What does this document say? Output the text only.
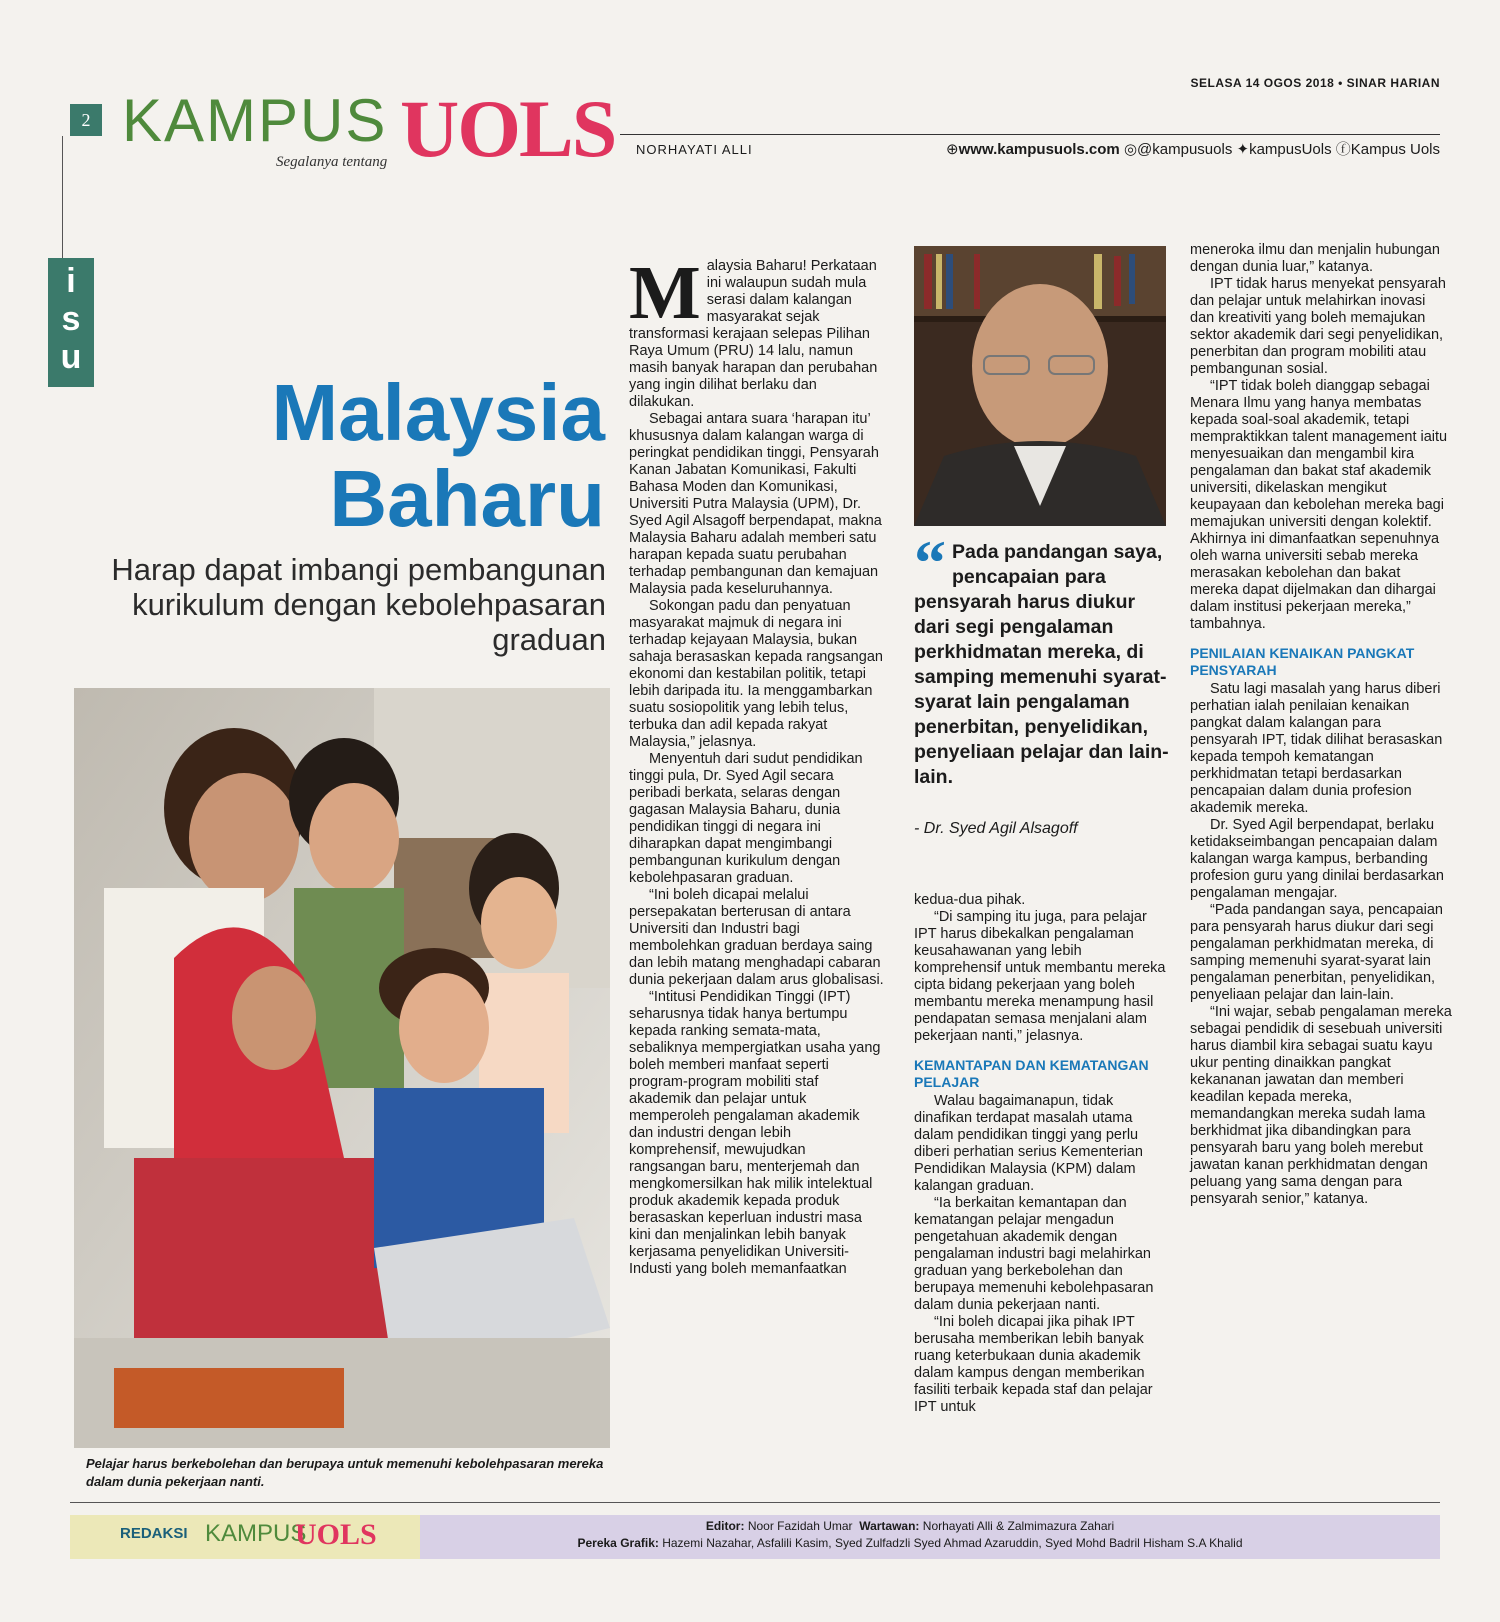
2 KAMPUS UOLS
Segalanya tentang
SELASA 14 OGOS 2018 • SINAR HARIAN
NORHAYATI ALLI	⊕www.kampusuols.com ◎@kampusuols ✦kampusUols ⓕKampus Uols
isu
Malaysia
Baharu
Harap dapat imbangi pembangunan kurikulum dengan kebolehpasaran graduan
Pelajar harus berkebolehan dan berupaya untuk memenuhi kebolehpasaran mereka dalam dunia pekerjaan nanti.
M alaysia Baharu! Perkataan ini walaupun sudah mula serasi dalam kalangan masyarakat sejak transformasi kerajaan selepas Pilihan Raya Umum (PRU) 14 lalu, namun masih banyak harapan dan perubahan yang ingin dilihat berlaku dan dilakukan.

Sebagai antara suara ‘harapan itu’ khususnya dalam kalangan warga di peringkat pendidikan tinggi, Pensyarah Kanan Jabatan Komunikasi, Fakulti Bahasa Moden dan Komunikasi, Universiti Putra Malaysia (UPM), Dr. Syed Agil Alsagoff berpendapat, makna Malaysia Baharu adalah memberi satu harapan kepada suatu perubahan terhadap pembangunan dan kemajuan Malaysia pada keseluruhannya.

Sokongan padu dan penyatuan masyarakat majmuk di negara ini terhadap kejayaan Malaysia, bukan sahaja berasaskan kepada rangsangan ekonomi dan kestabilan politik, tetapi lebih daripada itu. Ia menggambarkan suatu sosiopolitik yang lebih telus, terbuka dan adil kepada rakyat Malaysia,” jelasnya.

Menyentuh dari sudut pendidikan tinggi pula, Dr. Syed Agil secara peribadi berkata, selaras dengan gagasan Malaysia Baharu, dunia pendidikan tinggi di negara ini diharapkan dapat mengimbangi pembangunan kurikulum dengan kebolehpasaran graduan.

“Ini boleh dicapai melalui persepakatan berterusan di antara Universiti dan Industri bagi membolehkan graduan berdaya saing dan lebih matang menghadapi cabaran dunia pekerjaan dalam arus globalisasi.

“Intitusi Pendidikan Tinggi (IPT) seharusnya tidak hanya bertumpu kepada ranking semata-mata, sebaliknya mempergiatkan usaha yang boleh memberi manfaat seperti program-program mobiliti staf akademik dan pelajar untuk memperoleh pengalaman akademik dan industri dengan lebih komprehensif, mewujudkan rangsangan baru, menterjemah dan mengkomersilkan hak milik intelektual produk akademik kepada produk berasaskan keperluan industri masa kini dan menjalinkan lebih banyak kerjasama penyelidikan Universiti-Industi yang boleh memanfaatkan

“ Pada pandangan saya, pencapaian para pensyarah harus diukur dari segi pengalaman perkhidmatan mereka, di samping memenuhi syarat-syarat lain pengalaman penerbitan, penyelidikan, penyeliaan pelajar dan lain-lain.
- Dr. Syed Agil Alsagoff

kedua-dua pihak.

“Di samping itu juga, para pelajar IPT harus dibekalkan pengalaman keusahawanan yang lebih komprehensif untuk membantu mereka cipta bidang pekerjaan yang boleh membantu mereka menampung hasil pendapatan semasa menjalani alam pekerjaan nanti,” jelasnya.

KEMANTAPAN DAN KEMATANGAN PELAJAR

Walau bagaimanapun, tidak dinafikan terdapat masalah utama dalam pendidikan tinggi yang perlu diberi perhatian serius Kementerian Pendidikan Malaysia (KPM) dalam kalangan graduan.

“Ia berkaitan kemantapan dan kematangan pelajar mengadun pengetahuan akademik dengan pengalaman industri bagi melahirkan graduan yang berkebolehan dan berupaya memenuhi kebolehpasaran dalam dunia pekerjaan nanti.

“Ini boleh dicapai jika pihak IPT berusaha memberikan lebih banyak ruang keterbukaan dunia akademik dalam kampus dengan memberikan fasiliti terbaik kepada staf dan pelajar IPT untuk

meneroka ilmu dan menjalin hubungan dengan dunia luar,” katanya.

IPT tidak harus menyekat pensyarah dan pelajar untuk melahirkan inovasi dan kreativiti yang boleh memajukan sektor akademik dari segi penyelidikan, penerbitan dan program mobiliti atau pembangunan sosial.

“IPT tidak boleh dianggap sebagai Menara Ilmu yang hanya membatas kepada soal-soal akademik, tetapi mempraktikkan talent management iaitu menyesuaikan dan mengambil kira pengalaman dan bakat staf akademik universiti, dikelaskan mengikut keupayaan dan kebolehan mereka bagi memajukan universiti dengan kolektif. Akhirnya ini dimanfaatkan sepenuhnya oleh warna universiti sebab mereka merasakan kebolehan dan bakat mereka dapat dijelmakan dan dihargai dalam institusi pekerjaan mereka,” tambahnya.

PENILAIAN KENAIKAN PANGKAT PENSYARAH

Satu lagi masalah yang harus diberi perhatian ialah penilaian kenaikan pangkat dalam kalangan para pensyarah IPT, tidak dilihat berasaskan kepada tempoh kematangan perkhidmatan tetapi berdasarkan pencapaian dalam dunia profesion akademik mereka.

Dr. Syed Agil berpendapat, berlaku ketidakseimbangan pencapaian dalam kalangan warga kampus, berbanding profesion guru yang dinilai berdasarkan pengalaman mengajar.

“Pada pandangan saya, pencapaian para pensyarah harus diukur dari segi pengalaman perkhidmatan mereka, di samping memenuhi syarat-syarat lain pengalaman penerbitan, penyelidikan, penyeliaan pelajar dan lain-lain.

“Ini wajar, sebab pengalaman mereka sebagai pendidik di sesebuah universiti harus diambil kira sebagai suatu kayu ukur penting dinaikkan pangkat kekananan jawatan dan memberi keadilan kepada mereka, memandangkan mereka sudah lama berkhidmat jika dibandingkan para pensyarah baru yang boleh merebut jawatan kanan perkhidmatan dengan peluang yang sama dengan para pensyarah senior,” katanya.

REDAKSI KAMPUS
UOLS	Editor: Noor Fazidah Umar Wartawan: Norhayati Alli & Zalmimazura Zahari
Pereka Grafik: Hazemi Nazahar, Asfalili Kasim, Syed Zulfadzli Syed Ahmad Azaruddin, Syed Mohd Badril Hisham S.A Khalid
